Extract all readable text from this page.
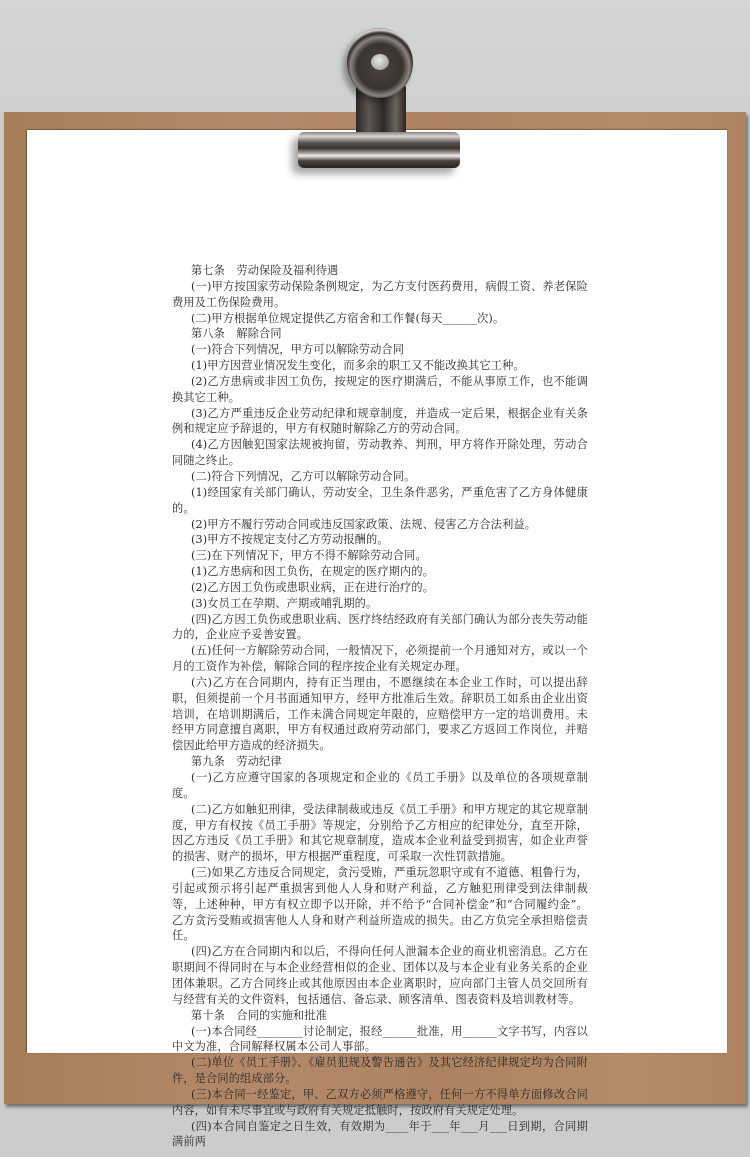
第七条　劳动保险及福利待遇

(一)甲方按国家劳动保险条例规定，为乙方支付医药费用，病假工资、养老保险费用及工伤保险费用。

(二)甲方根据单位规定提供乙方宿舍和工作餐(每天______次)。

第八条　解除合同

(一)符合下列情况，甲方可以解除劳动合同

(1)甲方因营业情况发生变化，而多余的职工又不能改换其它工种。

(2)乙方患病或非因工负伤，按规定的医疗期满后，不能从事原工作，也不能调换其它工种。

(3)乙方严重违反企业劳动纪律和规章制度，并造成一定后果，根据企业有关条例和规定应予辞退的，甲方有权随时解除乙方的劳动合同。

(4)乙方因触犯国家法规被拘留，劳动教养、判刑，甲方将作开除处理，劳动合同随之终止。

(二)符合下列情况，乙方可以解除劳动合同。

(1)经国家有关部门确认，劳动安全，卫生条件恶劣，严重危害了乙方身体健康的。

(2)甲方不履行劳动合同或违反国家政策、法规、侵害乙方合法利益。

(3)甲方不按规定支付乙方劳动报酬的。

(三)在下列情况下，甲方不得不解除劳动合同。

(1)乙方患病和因工负伤，在规定的医疗期内的。

(2)乙方因工负伤或患职业病，正在进行治疗的。

(3)女员工在孕期、产期或哺乳期的。

(四)乙方因工负伤或患职业病、医疗终结经政府有关部门确认为部分丧失劳动能力的，企业应予妥善安置。

(五)任何一方解除劳动合同，一般情况下，必须提前一个月通知对方，或以一个月的工资作为补偿，解除合同的程序按企业有关规定办理。

(六)乙方在合同期内，持有正当理由，不愿继续在本企业工作时，可以提出辞职，但须提前一个月书面通知甲方，经甲方批准后生效。辞职员工如系由企业出资培训，在培训期满后，工作未满合同规定年限的，应赔偿甲方一定的培训费用。未经甲方同意擅自离职，甲方有权通过政府劳动部门，要求乙方返回工作岗位，并赔偿因此给甲方造成的经济损失。

第九条　劳动纪律

(一)乙方应遵守国家的各项规定和企业的《员工手册》以及单位的各项规章制度。

(二)乙方如触犯刑律，受法律制裁或违反《员工手册》和甲方规定的其它规章制度，甲方有权按《员工手册》等规定，分别给予乙方相应的纪律处分，直至开除，因乙方违反《员工手册》和其它规章制度，造成本企业利益受到损害，如企业声誉的损害、财产的损坏，甲方根据严重程度，可采取一次性罚款措施。

(三)如果乙方违反合同规定，贪污受贿，严重玩忽职守或有不道德、粗鲁行为，引起或预示将引起严重损害到他人人身和财产利益，乙方触犯刑律受到法律制裁等，上述种种，甲方有权立即予以开除，并不给予“合同补偿金”和“合同履约金”。乙方贪污受贿或损害他人人身和财产利益所造成的损失。由乙方负完全承担赔偿责任。

(四)乙方在合同期内和以后，不得向任何人泄漏本企业的商业机密消息。乙方在职期间不得同时在与本企业经营相似的企业、团体以及与本企业有业务关系的企业团体兼职。乙方合同终止或其他原因由本企业离职时，应向部门主管人员交回所有与经营有关的文件资料，包括通信、备忘录、顾客清单、图表资料及培训教材等。

第十条　合同的实施和批准

(一)本合同经________讨论制定，报经______批准，用______文字书写，内容以中文为准，合同解释权属本公司人事部。

(二)单位《员工手册》、《雇员犯规及警告通告》及其它经济纪律规定均为合同附件，是合同的组成部分。

(三)本合同一经鉴定，甲、乙双方必须严格遵守，任何一方不得单方面修改合同内容，如有未尽事宜或与政府有关规定抵触时，按政府有关规定处理。

(四)本合同自鉴定之日生效，有效期为____年于___年___月___日到期，合同期满前两
